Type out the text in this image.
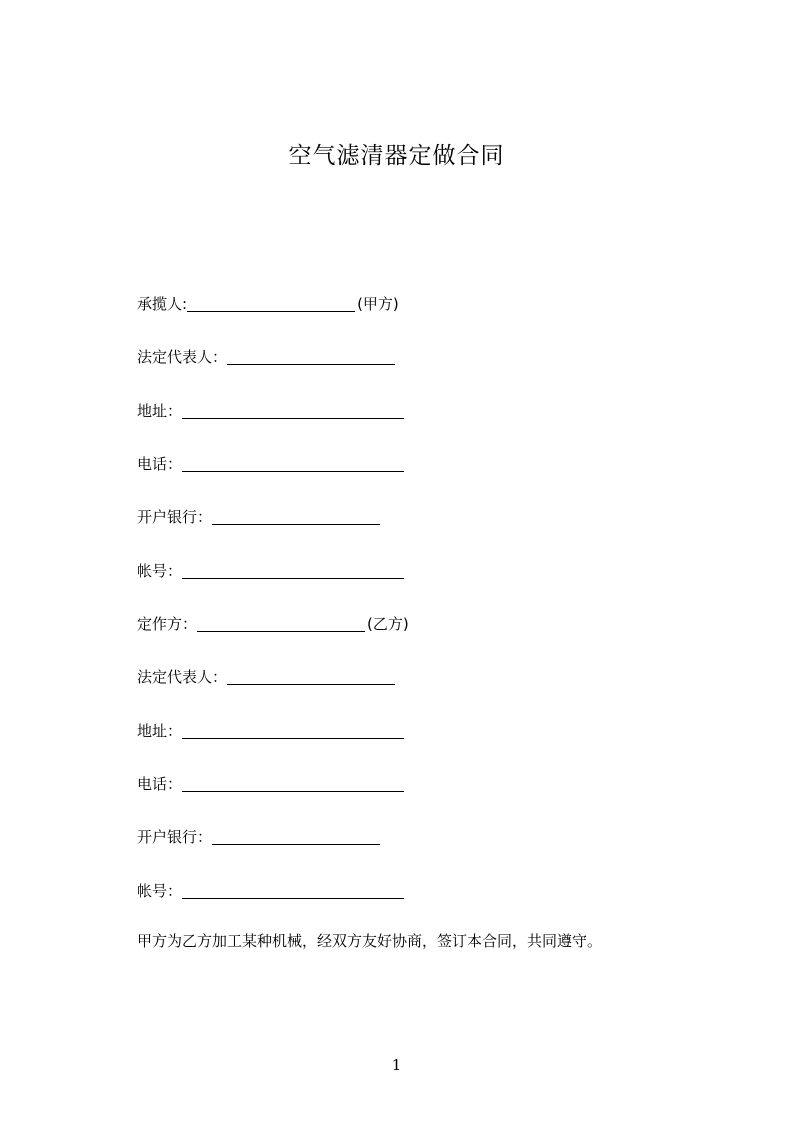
空气滤清器定做合同
承揽人:	(甲方)
法定代表人：
地址：
电话：
开户银行：
帐号：
定作方：	(乙方)
法定代表人：
地址：
电话：
开户银行：
帐号：
甲方为乙方加工某种机械，经双方友好协商，签订本合同，共同遵守。
1
